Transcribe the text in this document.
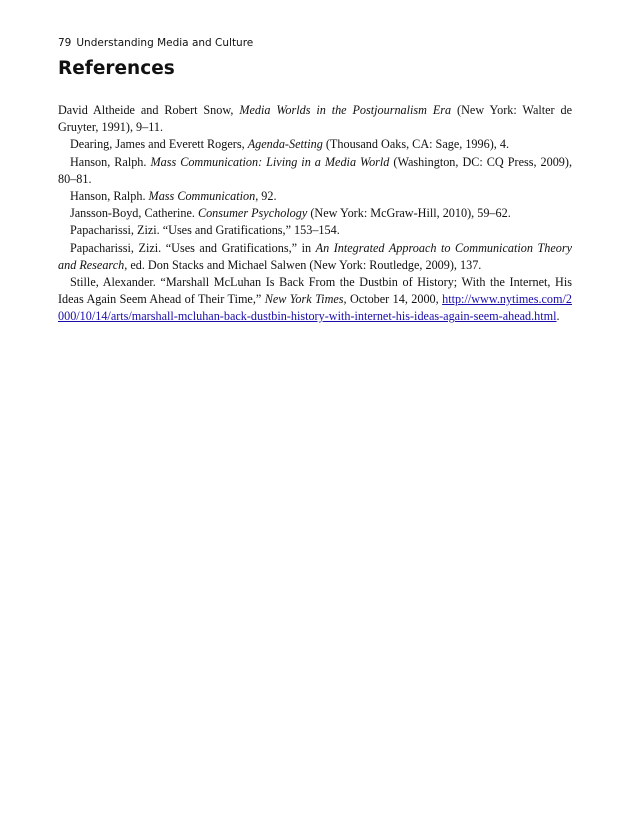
79 Understanding Media and Culture
References

David Altheide and Robert Snow, Media Worlds in the Postjournalism Era (New York: Walter de Gruyter, 1991), 9–11.

Dearing, James and Everett Rogers, Agenda-Setting (Thousand Oaks, CA: Sage, 1996), 4.

Hanson, Ralph. Mass Communication: Living in a Media World (Washington, DC: CQ Press, 2009), 80–81.

Hanson, Ralph. Mass Communication, 92.

Jansson-Boyd, Catherine. Consumer Psychology (New York: McGraw-Hill, 2010), 59–62.

Papacharissi, Zizi. “Uses and Gratifications,” 153–154.

Papacharissi, Zizi. “Uses and Gratifications,” in An Integrated Approach to Communication Theory and Research, ed. Don Stacks and Michael Salwen (New York: Routledge, 2009), 137.

Stille, Alexander. “Marshall McLuhan Is Back From the Dustbin of History; With the Internet, His Ideas Again Seem Ahead of Their Time,” New York Times, October 14, 2000, http://www.nytimes.com/2000/10/14/arts/marshall-mcluhan-back-dustbin-history-with-internet-his-ideas-again-seem-ahead.html.
